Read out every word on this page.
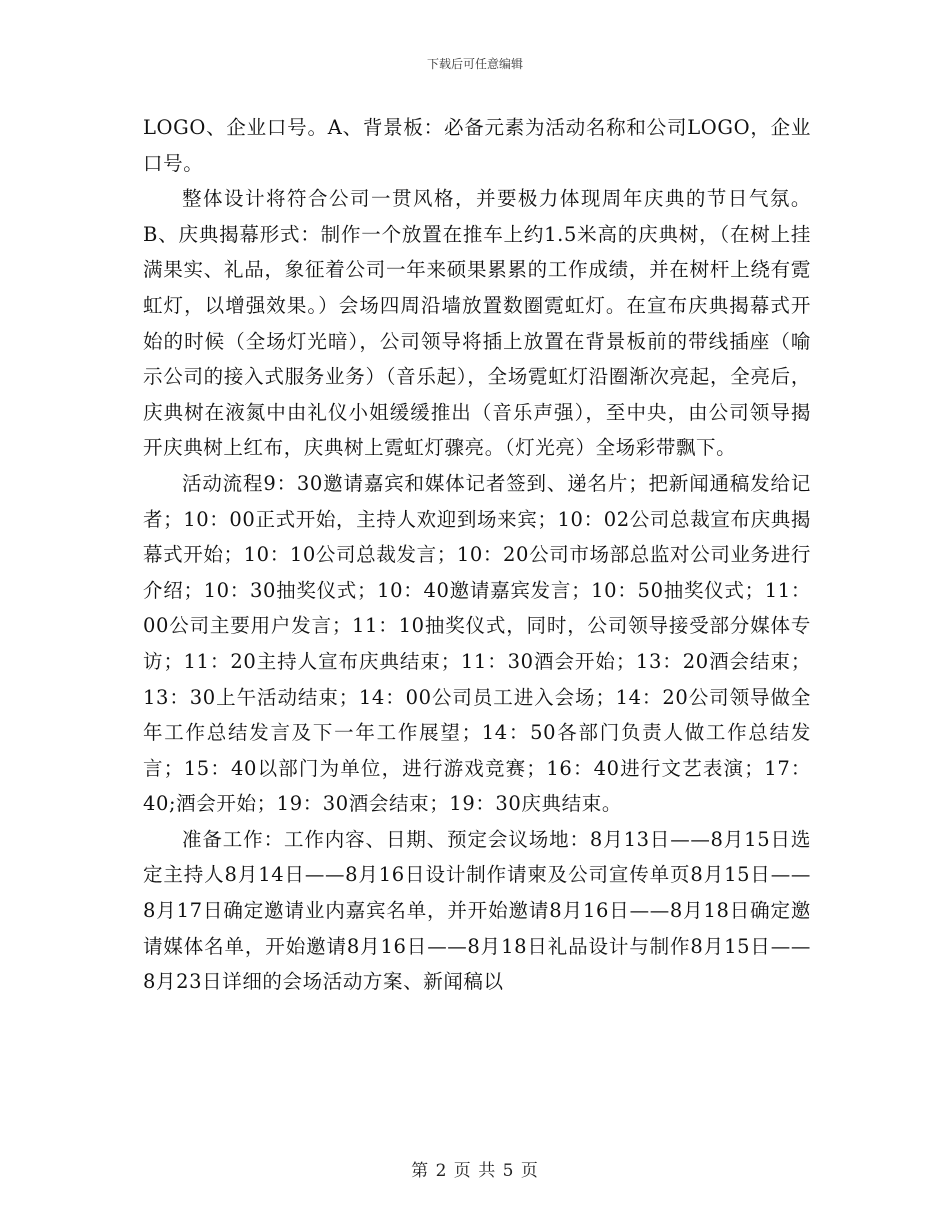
下载后可任意编辑

LOGO、企业口号。A、背景板：必备元素为活动名称和公司LOGO，企业口号。

整体设计将符合公司一贯风格，并要极力体现周年庆典的节日气氛。B、庆典揭幕形式：制作一个放置在推车上约1.5米高的庆典树，（在树上挂满果实、礼品，象征着公司一年来硕果累累的工作成绩，并在树杆上绕有霓虹灯，以增强效果。）会场四周沿墙放置数圈霓虹灯。在宣布庆典揭幕式开始的时候（全场灯光暗），公司领导将插上放置在背景板前的带线插座（喻示公司的接入式服务业务）（音乐起），全场霓虹灯沿圈渐次亮起，全亮后，庆典树在液氮中由礼仪小姐缓缓推出（音乐声强），至中央，由公司领导揭开庆典树上红布，庆典树上霓虹灯骤亮。（灯光亮）全场彩带飘下。

活动流程9：30邀请嘉宾和媒体记者签到、递名片；把新闻通稿发给记者；10：00正式开始，主持人欢迎到场来宾；10：02公司总裁宣布庆典揭幕式开始；10：10公司总裁发言；10：20公司市场部总监对公司业务进行介绍；10：30抽奖仪式；10：40邀请嘉宾发言；10：50抽奖仪式；11：00公司主要用户发言；11：10抽奖仪式，同时，公司领导接受部分媒体专访；11：20主持人宣布庆典结束；11：30酒会开始；13：20酒会结束；13：30上午活动结束；14：00公司员工进入会场；14：20公司领导做全年工作总结发言及下一年工作展望；14：50各部门负责人做工作总结发言；15：40以部门为单位，进行游戏竞赛；16：40进行文艺表演；17：40;酒会开始；19：30酒会结束；19：30庆典结束。

准备工作：工作内容、日期、预定会议场地：8月13日——8月15日选定主持人8月14日——8月16日设计制作请柬及公司宣传单页8月15日——8月17日确定邀请业内嘉宾名单，并开始邀请8月16日——8月18日确定邀请媒体名单，开始邀请8月16日——8月18日礼品设计与制作8月15日——8月23日详细的会场活动方案、新闻稿以

第 2 页 共 5 页
